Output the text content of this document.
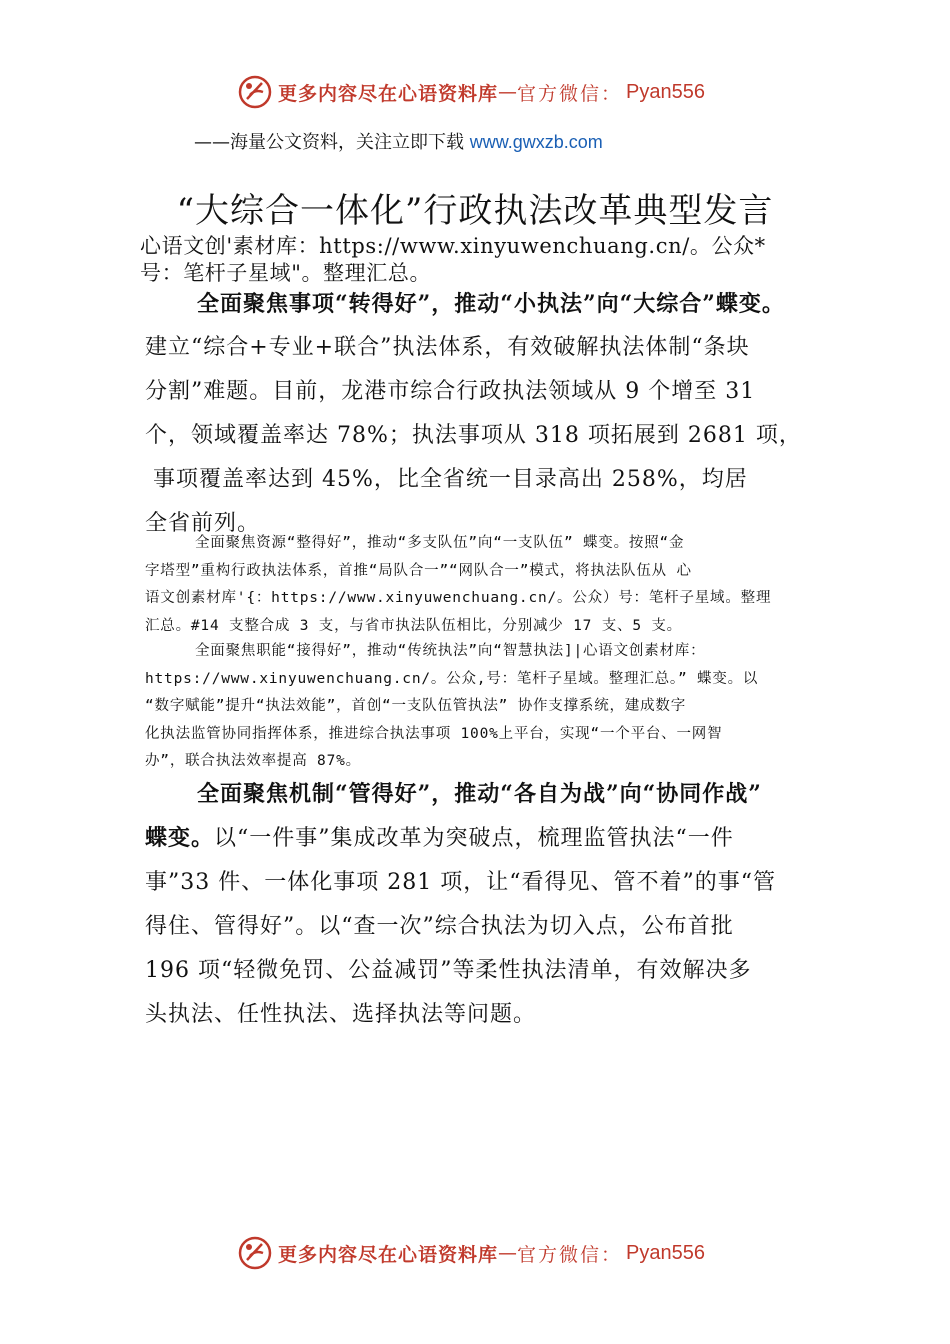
更多内容尽在心语资料库 — 官方微信： Pyan556
——海量公文资料，关注立即下载 www.gwxzb.com
“大综合一体化”行政执法改革典型发言
心语文创'素材库：https://www.xinyuwenchuang.cn/。公众*
号：笔杆子星域"。整理汇总。
全面聚焦事项“转得好”，推动“小执法”向“大综合”蝶变。
建立“综合+专业+联合”执法体系，有效破解执法体制“条块
分割”难题。目前，龙港市综合行政执法领域从 9 个增至 31
个，领域覆盖率达 78%；执法事项从 318 项拓展到 2681 项，
事项覆盖率达到 45%，比全省统一目录高出 258%，均居
全省前列。
全面聚焦资源“整得好”，推动“多支队伍”向“一支队伍” 蝶变。按照“金
字塔型”重构行政执法体系，首推“局队合一”“网队合一”模式，将执法队伍从 心
语文创素材库'{：https://www.xinyuwenchuang.cn/。公众）号：笔杆子星域。整理
汇总。#14 支整合成 3 支，与省市执法队伍相比，分别减少 17 支、5 支。
全面聚焦职能“接得好”，推动“传统执法”向“智慧执法]|心语文创素材库：
https://www.xinyuwenchuang.cn/。公众,号：笔杆子星域。整理汇总。” 蝶变。以
“数字赋能”提升“执法效能”，首创“一支队伍管执法” 协作支撑系统，建成数字
化执法监管协同指挥体系，推进综合执法事项 100%上平台，实现“一个平台、一网智
办”，联合执法效率提高 87%。
全面聚焦机制“管得好”，推动“各自为战”向“协同作战”
蝶变。以“一件事”集成改革为突破点，梳理监管执法“一件
事”33 件、一体化事项 281 项，让“看得见、管不着”的事“管
得住、管得好”。以“查一次”综合执法为切入点，公布首批
196 项“轻微免罚、公益减罚”等柔性执法清单，有效解决多
头执法、任性执法、选择执法等问题。
更多内容尽在心语资料库 — 官方微信： Pyan556
